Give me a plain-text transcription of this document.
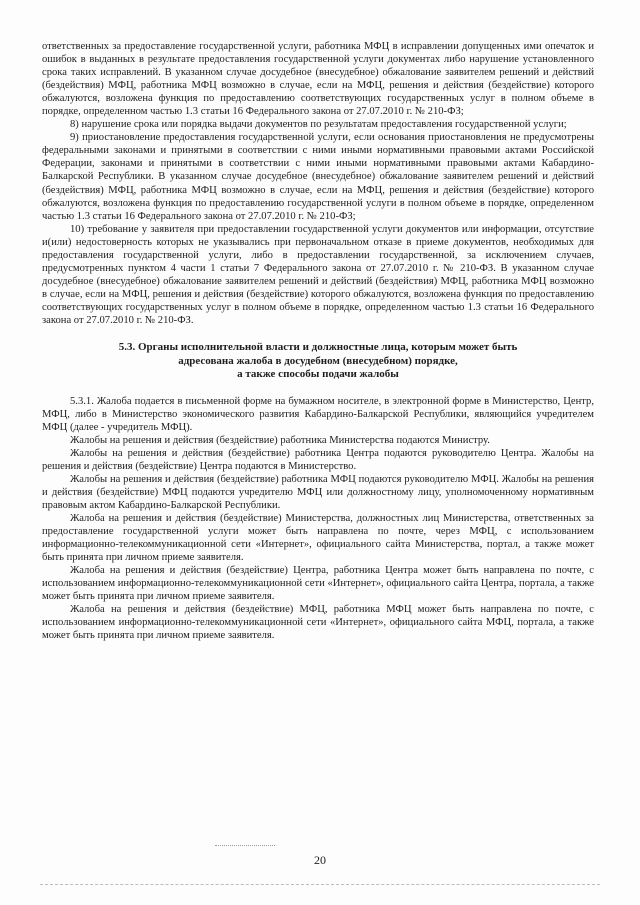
ответственных за предоставление государственной услуги, работника МФЦ в исправлении допущенных ими опечаток и ошибок в выданных в результате предоставления государственной услуги документах либо нарушение установленного срока таких исправлений. В указанном случае досудебное (внесудебное) обжалование заявителем решений и действий (бездействия) МФЦ, работника МФЦ возможно в случае, если на МФЦ, решения и действия (бездействие) которого обжалуются, возложена функция по предоставлению соответствующих государственных услуг в полном объеме в порядке, определенном частью 1.3 статьи 16 Федерального закона от 27.07.2010 г. № 210-ФЗ;

8) нарушение срока или порядка выдачи документов по результатам предоставления государственной услуги;

9) приостановление предоставления государственной услуги, если основания приостановления не предусмотрены федеральными законами и принятыми в соответствии с ними иными нормативными правовыми актами Российской Федерации, законами и принятыми в соответствии с ними иными нормативными правовыми актами Кабардино-Балкарской Республики. В указанном случае досудебное (внесудебное) обжалование заявителем решений и действий (бездействия) МФЦ, работника МФЦ возможно в случае, если на МФЦ, решения и действия (бездействие) которого обжалуются, возложена функция по предоставлению государственной услуги в полном объеме в порядке, определенном частью 1.3 статьи 16 Федерального закона от 27.07.2010 г. № 210-ФЗ;

10) требование у заявителя при предоставлении государственной услуги документов или информации, отсутствие и(или) недостоверность которых не указывались при первоначальном отказе в приеме документов, необходимых для предоставления государственной услуги, либо в предоставлении государственной, за исключением случаев, предусмотренных пунктом 4 части 1 статьи 7 Федерального закона от 27.07.2010 г. № 210-ФЗ. В указанном случае досудебное (внесудебное) обжалование заявителем решений и действий (бездействия) МФЦ, работника МФЦ возможно в случае, если на МФЦ, решения и действия (бездействие) которого обжалуются, возложена функция по предоставлению соответствующих государственных услуг в полном объеме в порядке, определенном частью 1.3 статьи 16 Федерального закона от 27.07.2010 г. № 210-ФЗ.

5.3. Органы исполнительной власти и должностные лица, которым может быть
адресована жалоба в досудебном (внесудебном) порядке,
а также способы подачи жалобы

5.3.1. Жалоба подается в письменной форме на бумажном носителе, в электронной форме в Министерство, Центр, МФЦ, либо в Министерство экономического развития Кабардино-Балкарской Республики, являющийся учредителем МФЦ (далее - учредитель МФЦ).

Жалобы на решения и действия (бездействие) работника Министерства подаются Министру.

Жалобы на решения и действия (бездействие) работника Центра подаются руководителю Центра. Жалобы на решения и действия (бездействие) Центра подаются в Министерство.

Жалобы на решения и действия (бездействие) работника МФЦ подаются руководителю МФЦ. Жалобы на решения и действия (бездействие) МФЦ подаются учредителю МФЦ или должностному лицу, уполномоченному нормативным правовым актом Кабардино-Балкарской Республики.

Жалоба на решения и действия (бездействие) Министерства, должностных лиц Министерства, ответственных за предоставление государственной услуги может быть направлена по почте, через МФЦ, с использованием информационно-телекоммуникационной сети «Интернет», официального сайта Министерства, портал, а также может быть принята при личном приеме заявителя.

Жалоба на решения и действия (бездействие) Центра, работника Центра может быть направлена по почте, с использованием информационно-телекоммуникационной сети «Интернет», официального сайта Центра, портала, а также может быть принята при личном приеме заявителя.

Жалоба на решения и действия (бездействие) МФЦ, работника МФЦ может быть направлена по почте, с использованием информационно-телекоммуникационной сети «Интернет», официального сайта МФЦ, портала, а также может быть принята при личном приеме заявителя.

20
